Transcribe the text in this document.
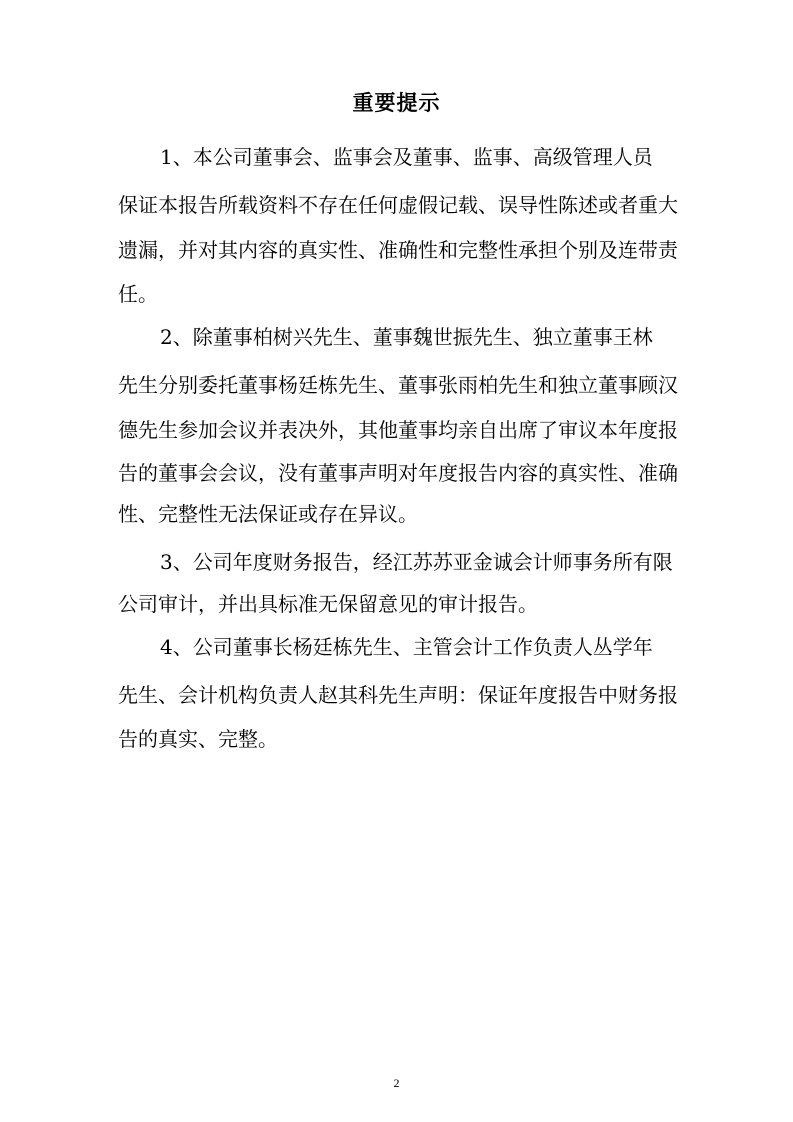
重要提示
1、本公司董事会、监事会及董事、监事、高级管理人员
保证本报告所载资料不存在任何虚假记载、误导性陈述或者重大
遗漏，并对其内容的真实性、准确性和完整性承担个别及连带责
任。
2、除董事柏树兴先生、董事魏世振先生、独立董事王林
先生分别委托董事杨廷栋先生、董事张雨柏先生和独立董事顾汉
德先生参加会议并表决外，其他董事均亲自出席了审议本年度报
告的董事会会议，没有董事声明对年度报告内容的真实性、准确
性、完整性无法保证或存在异议。
3、公司年度财务报告，经江苏苏亚金诚会计师事务所有限
公司审计，并出具标准无保留意见的审计报告。
4、公司董事长杨廷栋先生、主管会计工作负责人丛学年
先生、会计机构负责人赵其科先生声明：保证年度报告中财务报
告的真实、完整。
2
